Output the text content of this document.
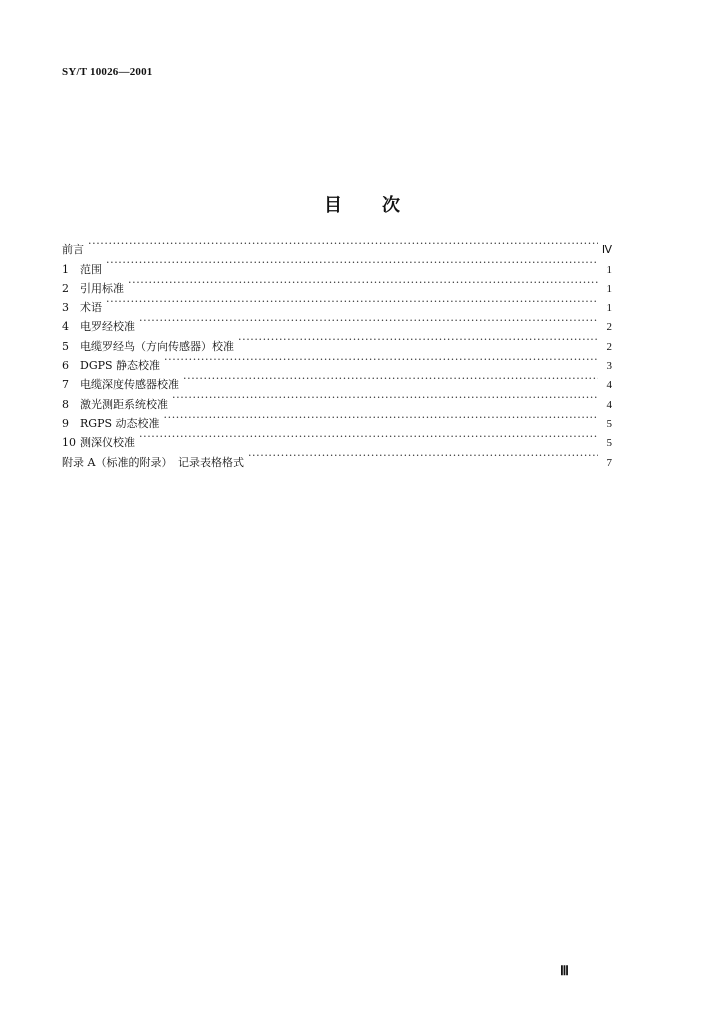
SY/T 10026—2001
目 次
前言 ·····	Ⅳ
1	范围 ·····	1
2	引用标准 ·····	1
3	术语 ·····	1
4	电罗经校准 ·····	2
5	电缆罗经鸟（方向传感器）校准 ·····	2
6	DGPS 静态校准 ·····	3
7	电缆深度传感器校准 ·····	4
8	激光测距系统校准 ·····	4
9	RGPS 动态校准 ·····	5
10 测深仪校准 ·····	5
附录 A（标准的附录）　记录表格格式 ·····	7
Ⅲ
